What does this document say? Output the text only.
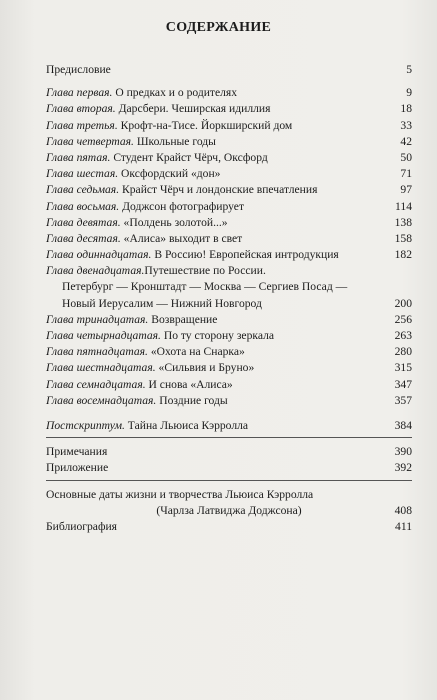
СОДЕРЖАНИЕ
Предисловие	5
Глава первая. О предках и о родителях	9
Глава вторая. Дарсбери. Чеширская идиллия	18
Глава третья. Крофт-на-Тисе. Йоркширский дом	33
Глава четвертая. Школьные годы	42
Глава пятая. Студент Крайст Чёрч, Оксфорд	50
Глава шестая. Оксфордский «дон»	71
Глава седьмая. Крайст Чёрч и лондонские впечатления	97
Глава восьмая. Доджсон фотографирует	114
Глава девятая. «Полдень золотой...»	138
Глава десятая. «Алиса» выходит в свет	158
Глава одиннадцатая. В Россию! Европейская интродукция	182
Глава двенадцатая.Путешествие по России.
Петербург — Кронштадт — Москва — Сергиев Посад —
Новый Иерусалим — Нижний Новгород	200
Глава тринадцатая. Возвращение	256
Глава четырнадцатая. По ту сторону зеркала	263
Глава пятнадцатая. «Охота на Снарка»	280
Глава шестнадцатая. «Сильвия и Бруно»	315
Глава семнадцатая. И снова «Алиса»	347
Глава восемнадцатая. Поздние годы	357
Постскриптум. Тайна Льюиса Кэрролла	384
Примечания	390
Приложение	392
Основные даты жизни и творчества Льюиса Кэрролла
(Чарлза Латвиджа Доджсона)	408
Библиография	411
